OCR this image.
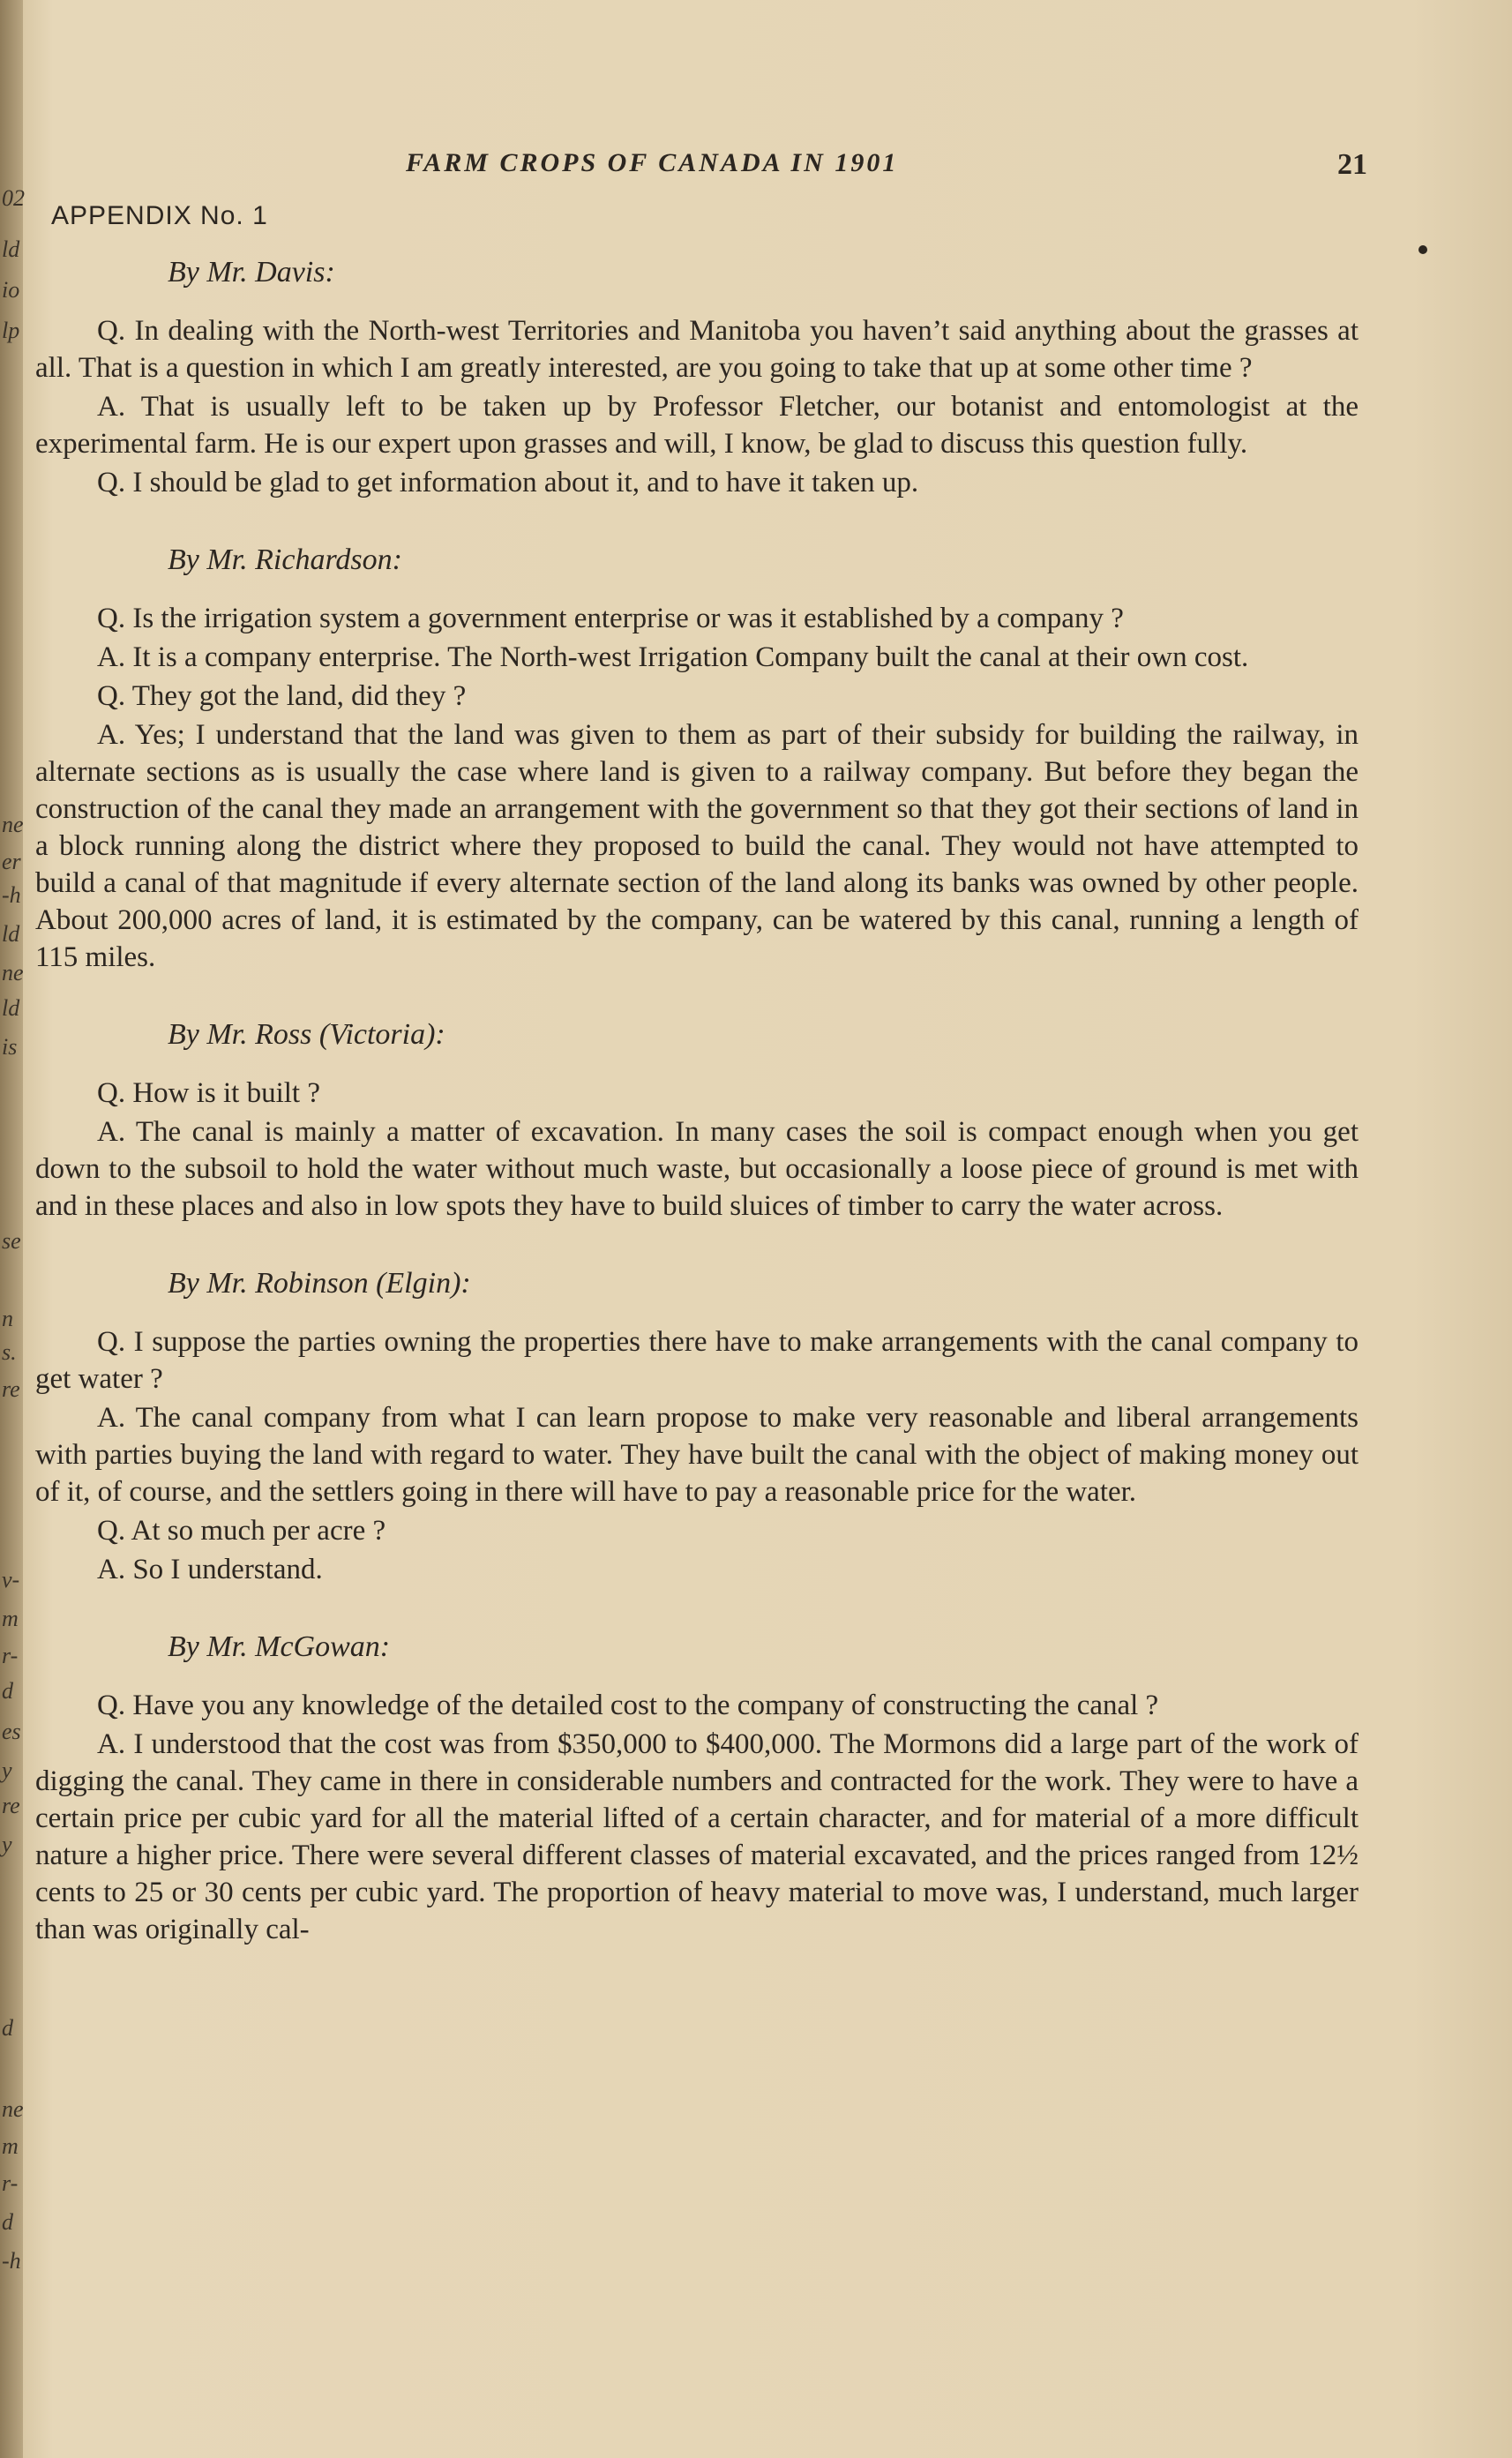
02
ld
io
lp
ne
er
-h
ld
ne
ld
is
se
n
s.
re
v-
m
r-
d
es
y
re
y
d
ne
m
r-
d
-h
FARM CROPS OF CANADA IN 1901	21
APPENDIX No. 1
By Mr. Davis:

Q. In dealing with the North-west Territories and Manitoba you haven’t said anything about the grasses at all. That is a question in which I am greatly interested, are you going to take that up at some other time ?

A. That is usually left to be taken up by Professor Fletcher, our botanist and entomologist at the experimental farm. He is our expert upon grasses and will, I know, be glad to discuss this question fully.

Q. I should be glad to get information about it, and to have it taken up.

By Mr. Richardson:

Q. Is the irrigation system a government enterprise or was it established by a company ?

A. It is a company enterprise. The North-west Irrigation Company built the canal at their own cost.

Q. They got the land, did they ?

A. Yes; I understand that the land was given to them as part of their subsidy for building the railway, in alternate sections as is usually the case where land is given to a railway company. But before they began the construction of the canal they made an arrangement with the government so that they got their sections of land in a block running along the district where they proposed to build the canal. They would not have attempted to build a canal of that magnitude if every alternate section of the land along its banks was owned by other people. About 200,000 acres of land, it is estimated by the company, can be watered by this canal, running a length of 115 miles.

By Mr. Ross (Victoria):

Q. How is it built ?

A. The canal is mainly a matter of excavation. In many cases the soil is compact enough when you get down to the subsoil to hold the water without much waste, but occasionally a loose piece of ground is met with and in these places and also in low spots they have to build sluices of timber to carry the water across.

By Mr. Robinson (Elgin):

Q. I suppose the parties owning the properties there have to make arrangements with the canal company to get water ?

A. The canal company from what I can learn propose to make very reasonable and liberal arrangements with parties buying the land with regard to water. They have built the canal with the object of making money out of it, of course, and the settlers going in there will have to pay a reasonable price for the water.

Q. At so much per acre ?

A. So I understand.

By Mr. McGowan:

Q. Have you any knowledge of the detailed cost to the company of constructing the canal ?

A. I understood that the cost was from $350,000 to $400,000. The Mormons did a large part of the work of digging the canal. They came in there in considerable numbers and contracted for the work. They were to have a certain price per cubic yard for all the material lifted of a certain character, and for material of a more difficult nature a higher price. There were several different classes of material excavated, and the prices ranged from 12½ cents to 25 or 30 cents per cubic yard. The proportion of heavy material to move was, I understand, much larger than was originally cal-
